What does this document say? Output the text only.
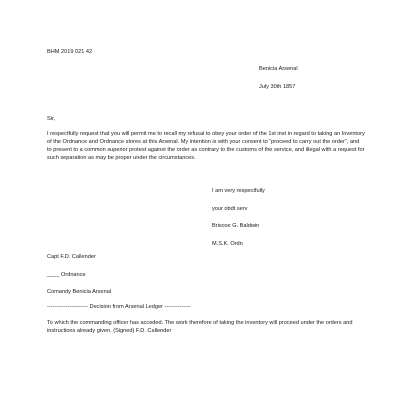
BHM 2019 021 42
Benicia Arsenal
July 30th 1857
Sir,

I respectfully request that you will permit me to recall my refusal to obey your order of the 1st inst in regard to taking an Inventory of the Ordnance and Ordnance stores at this Arsenal. My intention is with your consent to “proceed to carry out the order”, and to present to a common superior protest against the order as contrary to the customs of the service, and illegal with a request for such separation as may be proper under the circumstances.

I am very respectfully
your obdt serv
Briscoe G. Baldwin
M.S.K. Ordn
Capt F.D. Callender
____ Ordnance
Comandy Benicia Arsenal
---------------------- Decision from Arsenal Ledger --------------

To which the commanding officer has acceded. The work therefore of taking the inventory will proceed under the orders and instructions already given. (Signed) F.D. Callender
